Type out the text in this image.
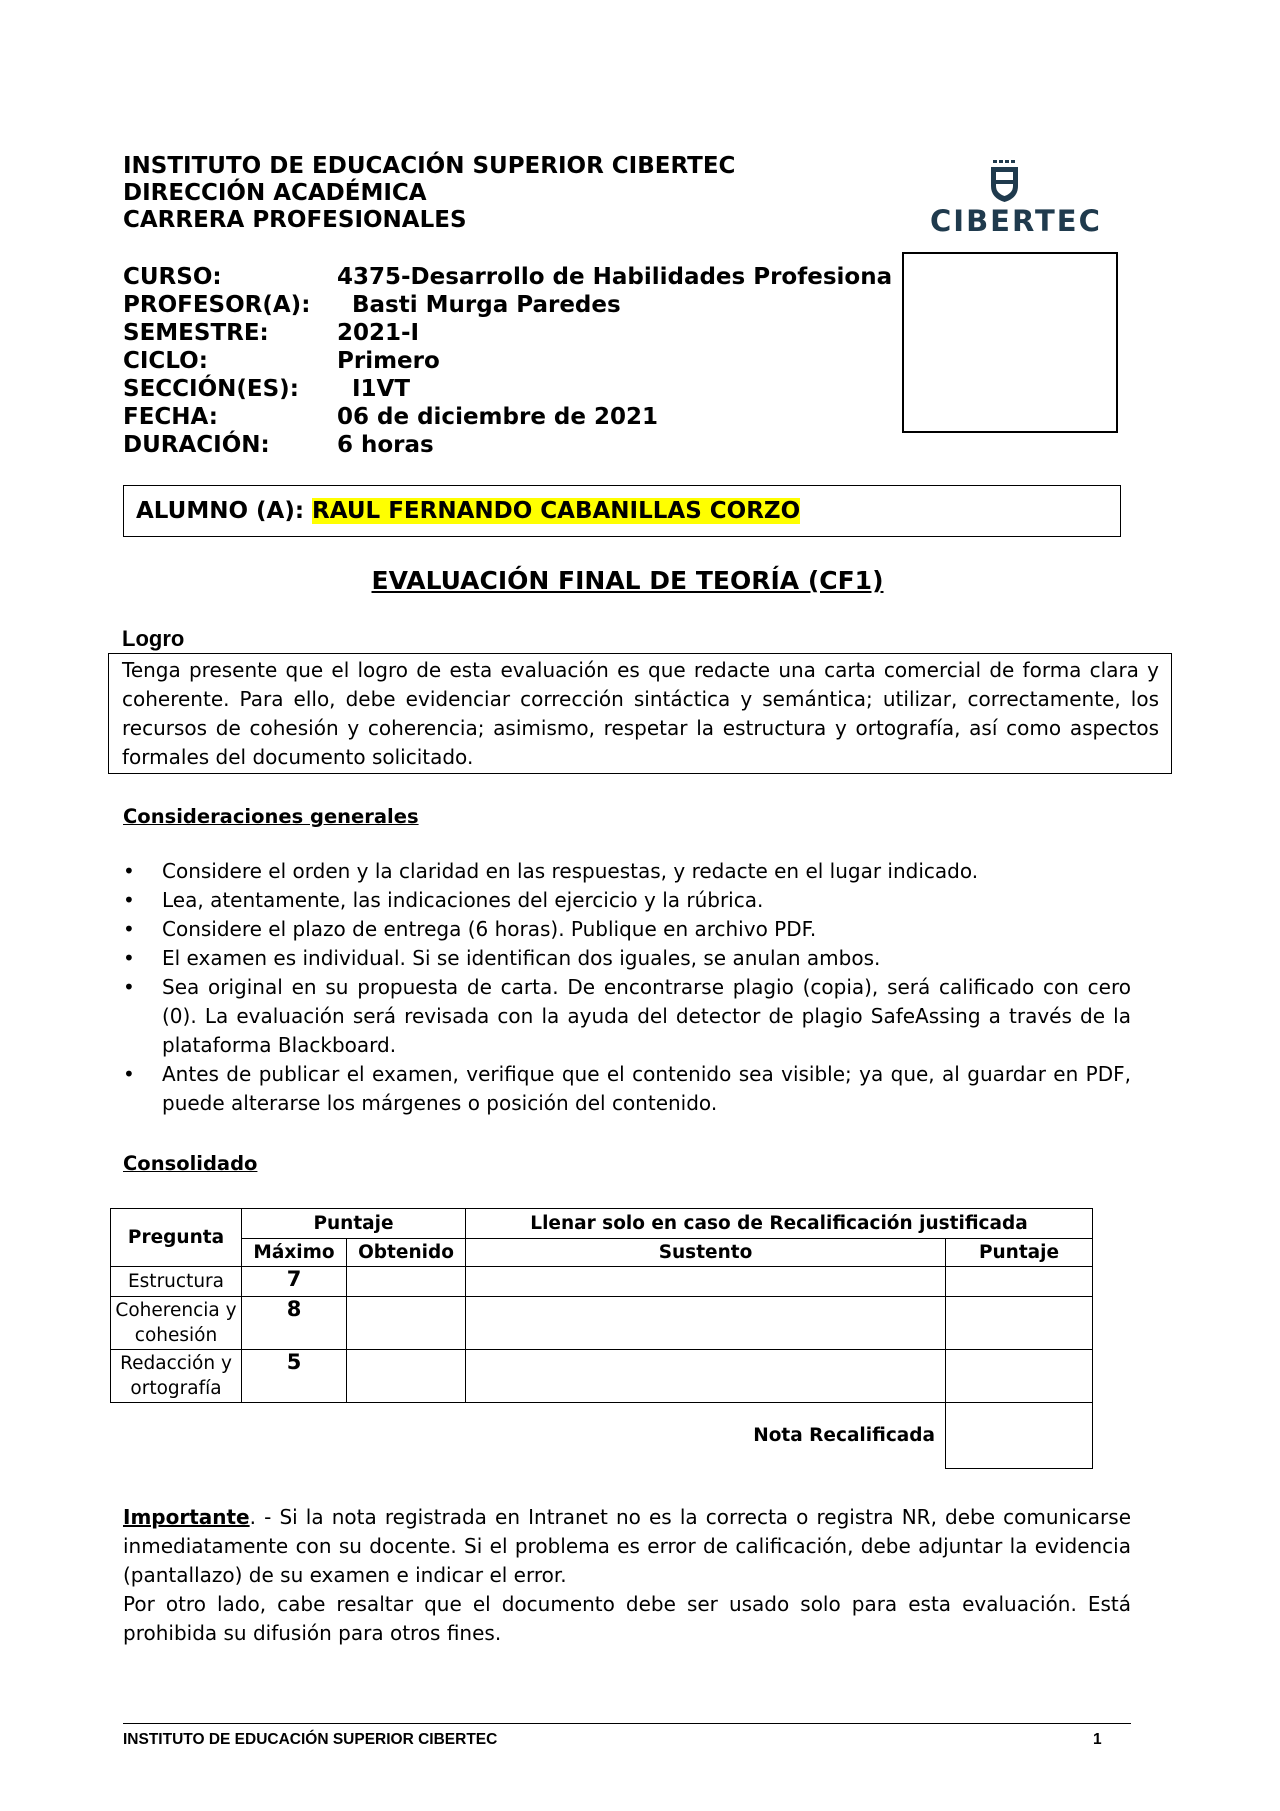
INSTITUTO DE EDUCACIÓN SUPERIOR CIBERTEC
DIRECCIÓN ACADÉMICA
CARRERA PROFESIONALES	CIBERTEC
CURSO:	4375-Desarrollo de Habilidades Profesiona
PROFESOR(A): Basti Murga Paredes
SEMESTRE:	2021-I
CICLO:	Primero
SECCIÓN(ES): I1VT
FECHA:	06 de diciembre de 2021
DURACIÓN:	6 horas
ALUMNO (A): RAUL FERNANDO CABANILLAS CORZO
EVALUACIÓN FINAL DE TEORÍA (CF1)
Logro
Tenga presente que el logro de esta evaluación es que redacte una carta comercial de forma clara y coherente. Para ello, debe evidenciar corrección sintáctica y semántica; utilizar, correctamente, los recursos de cohesión y coherencia; asimismo, respetar la estructura y ortografía, así como aspectos formales del documento solicitado.
Consideraciones generales
• Considere el orden y la claridad en las respuestas, y redacte en el lugar indicado.
• Lea, atentamente, las indicaciones del ejercicio y la rúbrica.
• Considere el plazo de entrega (6 horas). Publique en archivo PDF.
• El examen es individual. Si se identifican dos iguales, se anulan ambos.
• Sea original en su propuesta de carta. De encontrarse plagio (copia), será calificado con cero (0). La evaluación será revisada con la ayuda del detector de plagio SafeAssing a través de la plataforma Blackboard.
• Antes de publicar el examen, verifique que el contenido sea visible; ya que, al guardar en PDF, puede alterarse los márgenes o posición del contenido.
Consolidado
Pregunta	Puntaje		Llenar solo en caso de Recalificación justificada	
	Máximo	Obtenido	Sustento	Puntaje
Estructura	7			
Coherencia y cohesión	8			
Redacción y ortografía	5			
			Nota Recalificada	
Importante. - Si la nota registrada en Intranet no es la correcta o registra NR, debe comunicarse inmediatamente con su docente. Si el problema es error de calificación, debe adjuntar la evidencia (pantallazo) de su examen e indicar el error.
Por otro lado, cabe resaltar que el documento debe ser usado solo para esta evaluación. Está prohibida su difusión para otros fines.
INSTITUTO DE EDUCACIÓN SUPERIOR CIBERTEC	1
